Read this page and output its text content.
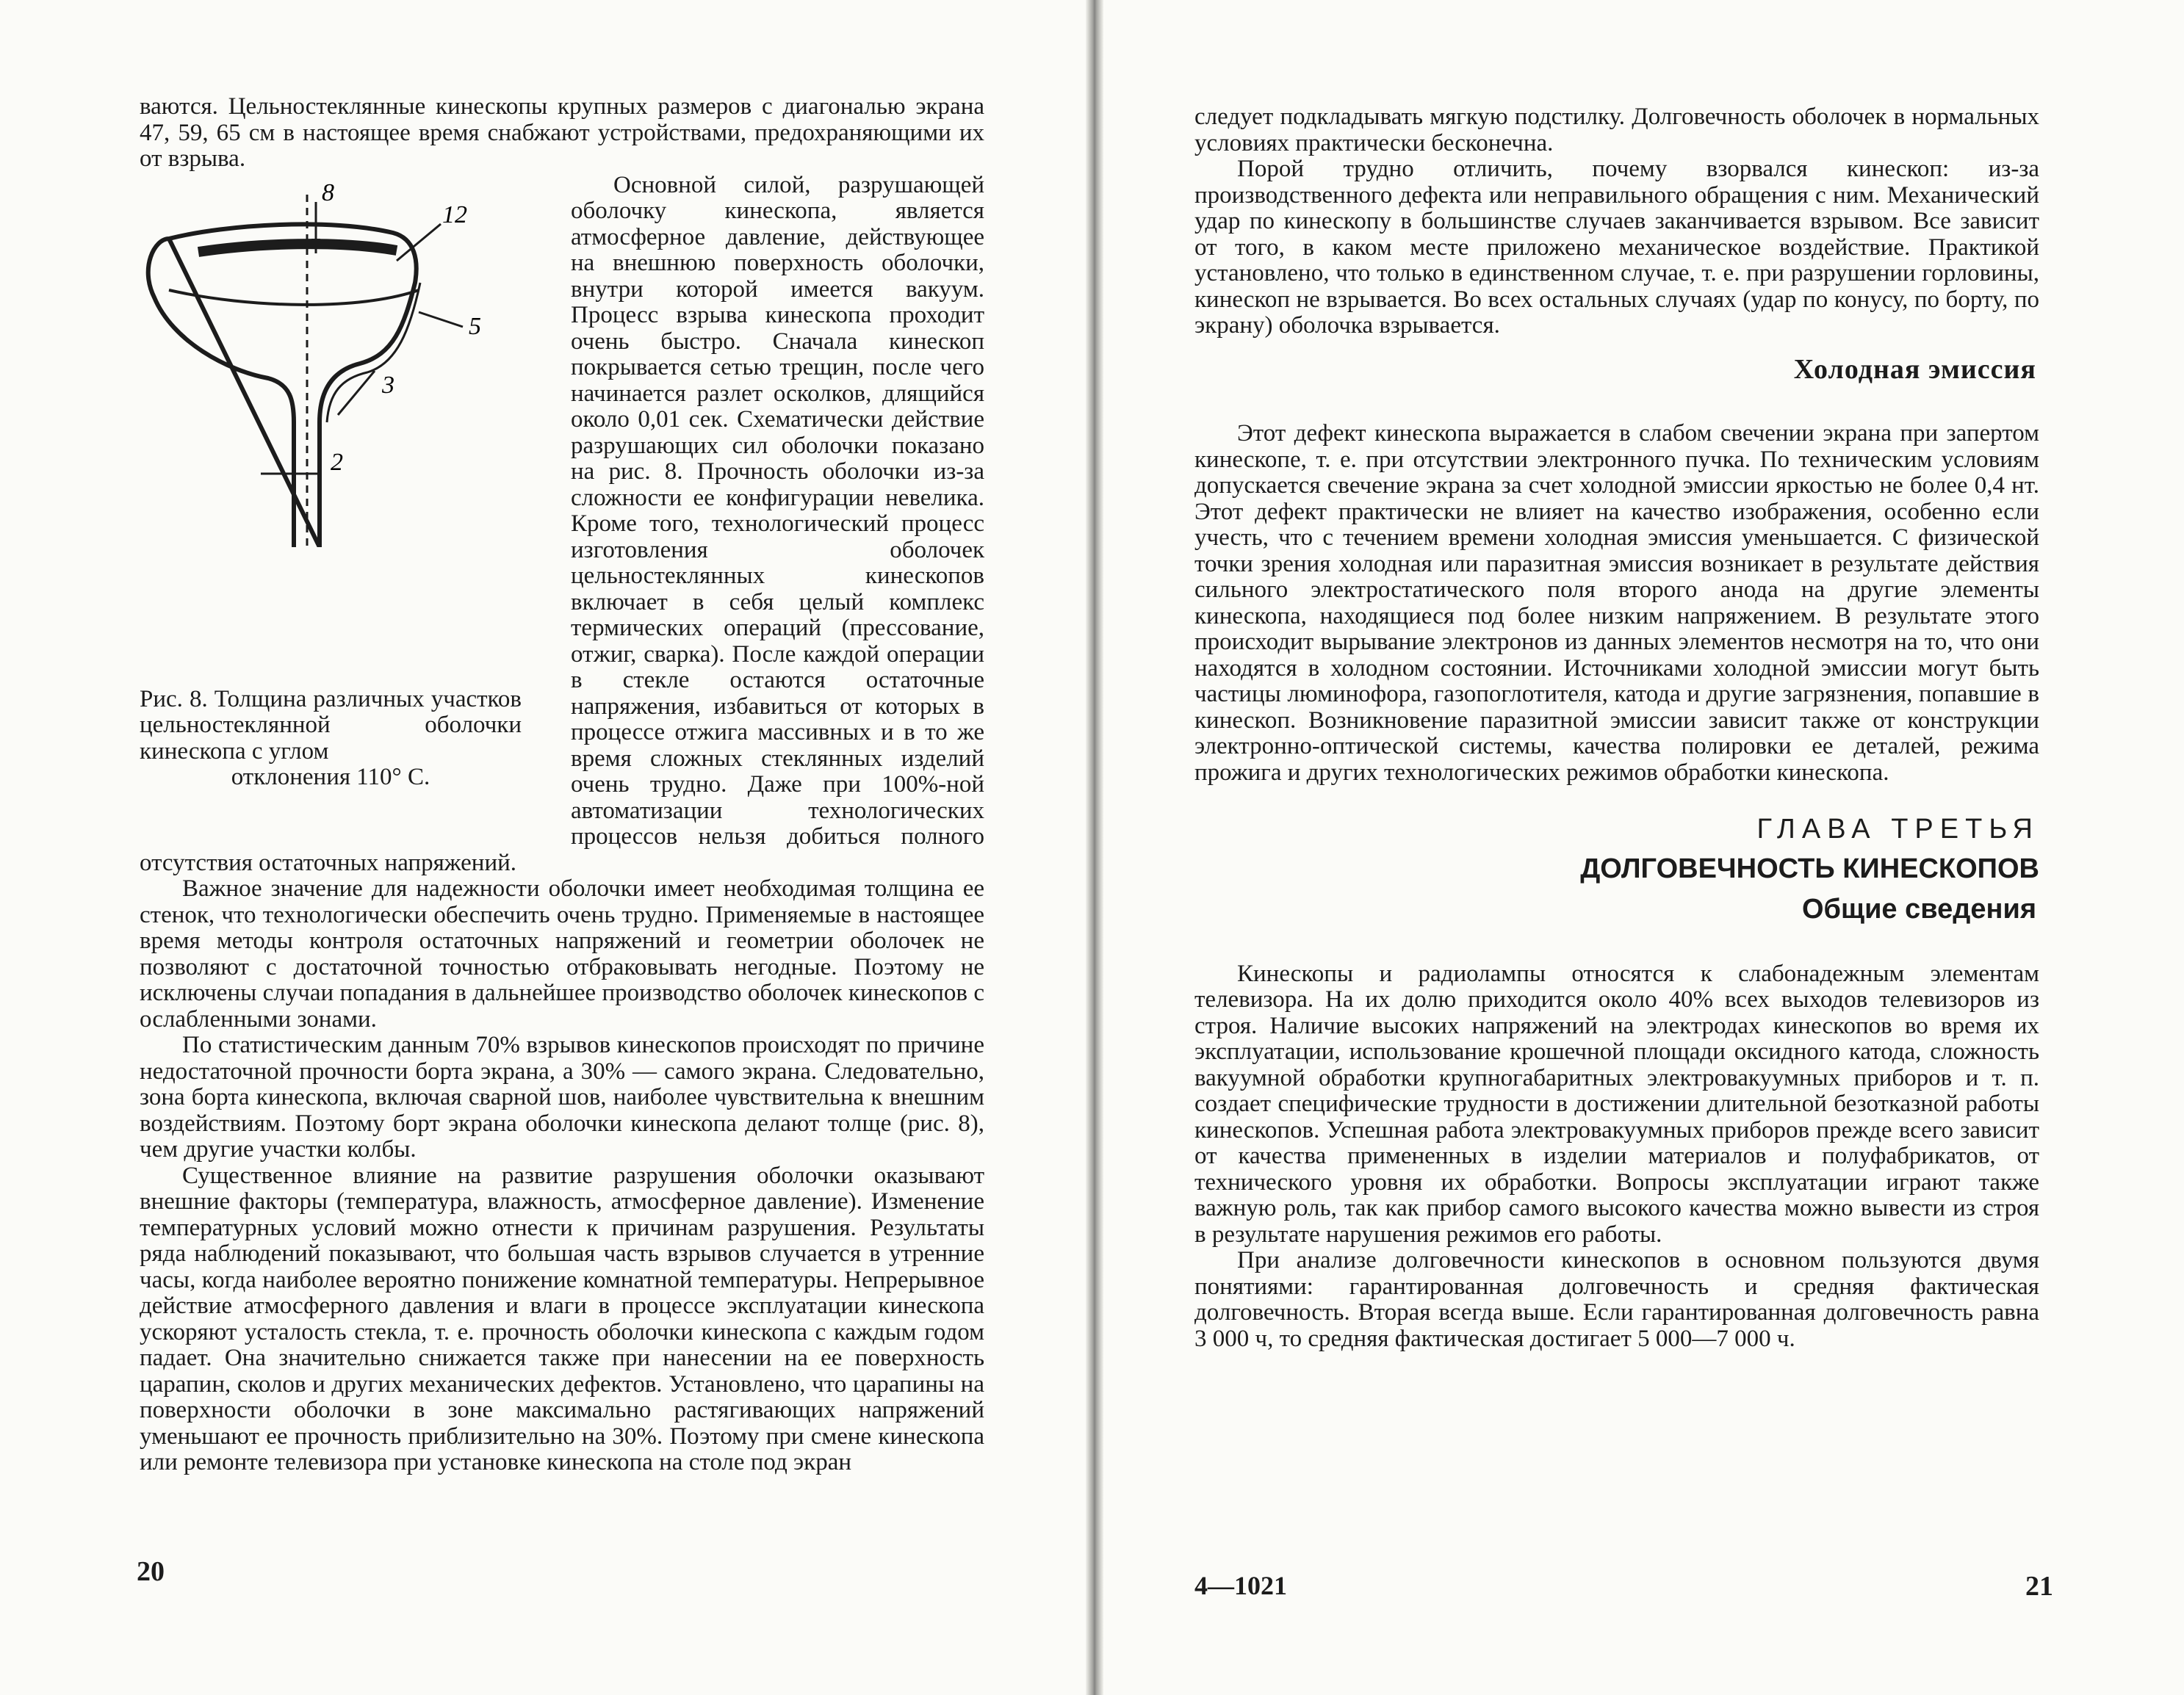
ваются. Цельностеклянные кинескопы крупных размеров с диагональю экрана 47, 59, 65 см в настоящее время снабжают устройствами, предохраняющими их от взрыва.

8
12
5
3
2
Рис. 8. Толщина различных участков цельностеклянной оболочки кинескопа с углом
отклонения 110° С.

Основной силой, разрушающей оболочку кинескопа, является атмосферное давление, действующее на внешнюю поверхность оболочки, внутри которой имеется вакуум. Процесс взрыва кинескопа проходит очень быстро. Сначала кинескоп покрывается сетью трещин, после чего начинается разлет осколков, длящийся около 0,01 сек. Схематически действие разрушающих сил оболочки показано на рис. 8. Прочность оболочки из-за сложности ее конфигурации невелика. Кроме того, технологический процесс изготовления оболочек цельностеклянных кинескопов включает в себя целый комплекс термических операций (прессование, отжиг, сварка). После каждой операции в стекле остаются остаточные напряжения, избавиться от которых в процессе отжига массивных и в то же время сложных стеклянных изделий очень трудно. Даже при 100%-ной автоматизации технологических процессов нельзя добиться полного отсутствия остаточных напряжений.

Важное значение для надежности оболочки имеет необходимая толщина ее стенок, что технологически обеспечить очень трудно. Применяемые в настоящее время методы контроля остаточных напряжений и геометрии оболочек не позволяют с достаточной точностью отбраковывать негодные. Поэтому не исключены случаи попадания в дальнейшее производство оболочек кинескопов с ослабленными зонами.

По статистическим данным 70% взрывов кинескопов происходят по причине недостаточной прочности борта экрана, а 30% — самого экрана. Следовательно, зона борта кинескопа, включая сварной шов, наиболее чувствительна к внешним воздействиям. Поэтому борт экрана оболочки кинескопа делают толще (рис. 8), чем другие участки колбы.

Существенное влияние на развитие разрушения оболочки оказывают внешние факторы (температура, влажность, атмосферное давление). Изменение температурных условий можно отнести к причинам разрушения. Результаты ряда наблюдений показывают, что большая часть взрывов случается в утренние часы, когда наиболее вероятно понижение комнатной температуры. Непрерывное действие атмосферного давления и влаги в процессе эксплуатации кинескопа ускоряют усталость стекла, т. е. прочность оболочки кинескопа с каждым годом падает. Она значительно снижается также при нанесении на ее поверхность царапин, сколов и других механических дефектов. Установлено, что царапины на поверхности оболочки в зоне максимально растягивающих напряжений уменьшают ее прочность приблизительно на 30%. Поэтому при смене кинескопа или ремонте телевизора при установке кинескопа на столе под экран

20

следует подкладывать мягкую подстилку. Долговечность оболочек в нормальных условиях практически бесконечна.

Порой трудно отличить, почему взорвался кинескоп: из-за производственного дефекта или неправильного обращения с ним. Механический удар по кинескопу в большинстве случаев заканчивается взрывом. Все зависит от того, в каком месте приложено механическое воздействие. Практикой установлено, что только в единственном случае, т. е. при разрушении горловины, кинескоп не взрывается. Во всех остальных случаях (удар по конусу, по борту, по экрану) оболочка взрывается.

Холодная эмиссия

Этот дефект кинескопа выражается в слабом свечении экрана при запертом кинескопе, т. е. при отсутствии электронного пучка. По техническим условиям допускается свечение экрана за счет холодной эмиссии яркостью не более 0,4 нт. Этот дефект практически не влияет на качество изображения, особенно если учесть, что с течением времени холодная эмиссия уменьшается. С физической точки зрения холодная или паразитная эмиссия возникает в результате действия сильного электростатического поля второго анода на другие элементы кинескопа, находящиеся под более низким напряжением. В результате этого происходит вырывание электронов из данных элементов несмотря на то, что они находятся в холодном состоянии. Источниками холодной эмиссии могут быть частицы люминофора, газопоглотителя, катода и другие загрязнения, попавшие в кинескоп. Возникновение паразитной эмиссии зависит также от конструкции электронно-оптической системы, качества полировки ее деталей, режима прожига и других технологических режимов обработки кинескопа.

ГЛАВА ТРЕТЬЯ
ДОЛГОВЕЧНОСТЬ КИНЕСКОПОВ
Общие сведения

Кинескопы и радиолампы относятся к слабонадежным элементам телевизора. На их долю приходится около 40% всех выходов телевизоров из строя. Наличие высоких напряжений на электродах кинескопов во время их эксплуатации, использование крошечной площади оксидного катода, сложность вакуумной обработки крупногабаритных электровакуумных приборов и т. п. создает специфические трудности в достижении длительной безотказной работы кинескопов. Успешная работа электровакуумных приборов прежде всего зависит от качества примененных в изделии материалов и полуфабрикатов, от технического уровня их обработки. Вопросы эксплуатации играют также важную роль, так как прибор самого высокого качества можно вывести из строя в результате нарушения режимов его работы.

При анализе долговечности кинескопов в основном пользуются двумя понятиями: гарантированная долговечность и средняя фактическая долговечность. Вторая всегда выше. Если гарантированная долговечность равна 3 000 ч, то средняя фактическая достигает 5 000—7 000 ч.

4—1021	21
